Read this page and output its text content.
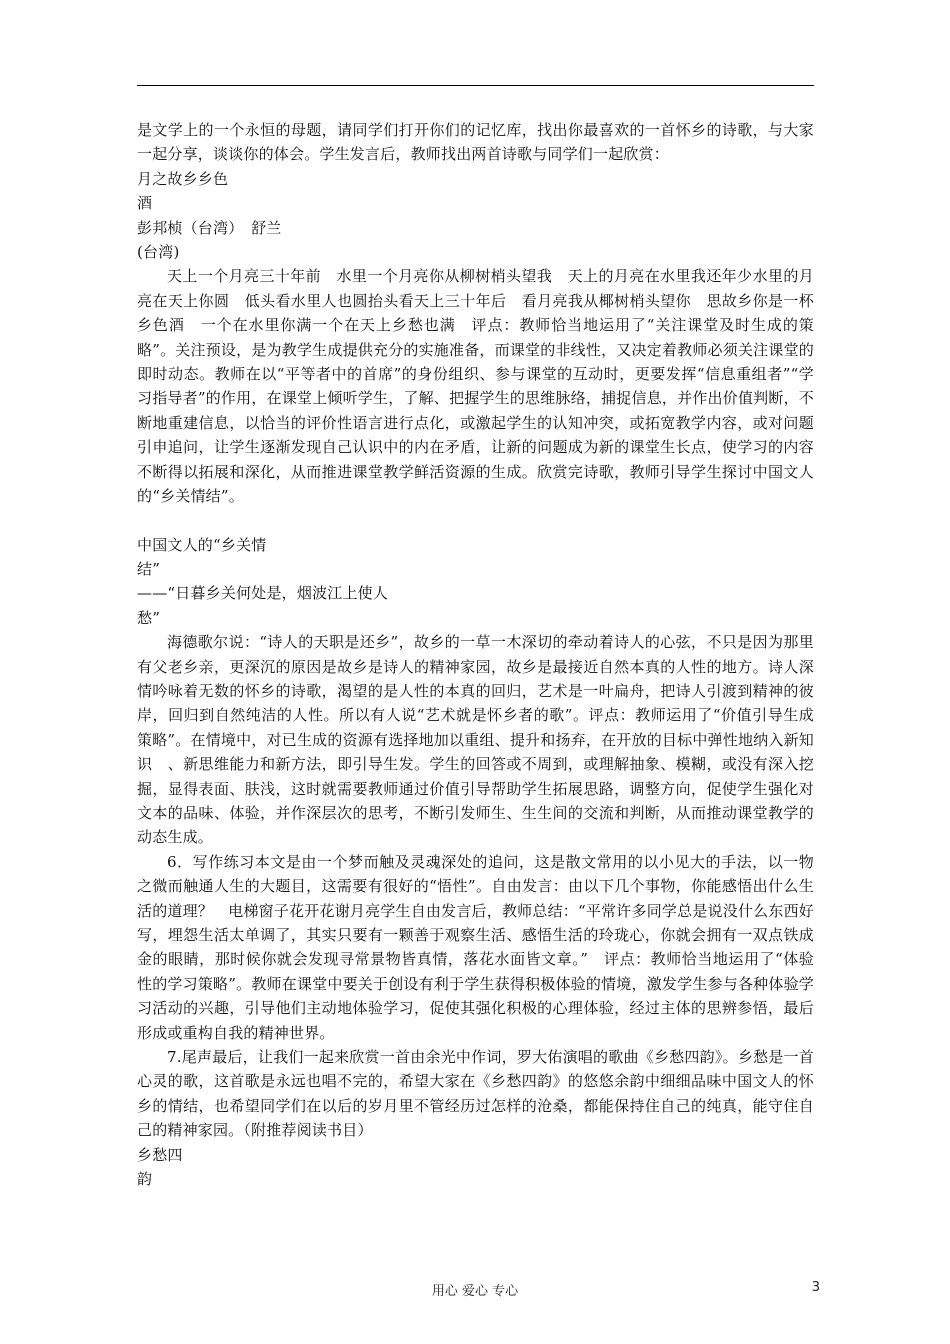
是文学上的一个永恒的母题，请同学们打开你们的记忆库，找出你最喜欢的一首怀乡的诗歌，与大家一起分享，谈谈你的体会。学生发言后，教师找出两首诗歌与同学们一起欣赏：

月之故乡乡色
酒
彭邦桢（台湾）　舒兰
(台湾)

天上一个月亮三十年前　水里一个月亮你从柳树梢头望我　天上的月亮在水里我还年少水里的月亮在天上你圆　低头看水里人也圆抬头看天上三十年后　看月亮我从椰树梢头望你　思故乡你是一杯乡色酒　一个在水里你满一个在天上乡愁也满　评点：教师恰当地运用了“关注课堂及时生成的策略”。关注预设，是为教学生成提供充分的实施准备，而课堂的非线性，又决定着教师必须关注课堂的即时动态。教师在以“平等者中的首席”的身份组织、参与课堂的互动时，更要发挥“信息重组者”“学习指导者”的作用，在课堂上倾听学生，了解、把握学生的思维脉络，捕捉信息，并作出价值判断，不断地重建信息，以恰当的评价性语言进行点化，或激起学生的认知冲突，或拓宽教学内容，或对问题引申追问，让学生逐渐发现自己认识中的内在矛盾，让新的问题成为新的课堂生长点，使学习的内容不断得以拓展和深化，从而推进课堂教学鲜活资源的生成。欣赏完诗歌，教师引导学生探讨中国文人的“乡关情结”。

中国文人的“乡关情
结”
——“日暮乡关何处是，烟波江上使人
愁”

海德歌尔说：“诗人的天职是还乡”，故乡的一草一木深切的牵动着诗人的心弦，不只是因为那里有父老乡亲，更深沉的原因是故乡是诗人的精神家园，故乡是最接近自然本真的人性的地方。诗人深情吟咏着无数的怀乡的诗歌，渴望的是人性的本真的回归，艺术是一叶扁舟，把诗人引渡到精神的彼岸，回归到自然纯洁的人性。所以有人说“艺术就是怀乡者的歌”。评点：教师运用了“价值引导生成策略”。在情境中，对已生成的资源有选择地加以重组、提升和扬弃，在开放的目标中弹性地纳入新知识　、新思维能力和新方法，即引导生发。学生的回答或不周到，或理解抽象、模糊，或没有深入挖掘，显得表面、肤浅，这时就需要教师通过价值引导帮助学生拓展思路，调整方向，促使学生强化对文本的品味、体验，并作深层次的思考，不断引发师生、生生间的交流和判断，从而推动课堂教学的动态生成。

6．写作练习本文是由一个梦而触及灵魂深处的追问，这是散文常用的以小见大的手法，以一物之微而触通人生的大题目，这需要有很好的“悟性”。自由发言：由以下几个事物，你能感悟出什么生活的道理？　电梯窗子花开花谢月亮学生自由发言后，教师总结：“平常许多同学总是说没什么东西好写，埋怨生活太单调了，其实只要有一颗善于观察生活、感悟生活的玲珑心，你就会拥有一双点铁成金的眼睛，那时候你就会发现寻常景物皆真情，落花水面皆文章。”　评点：教师恰当地运用了“体验性的学习策略”。教师在课堂中要关于创设有利于学生获得积极体验的情境，激发学生参与各种体验学习活动的兴趣，引导他们主动地体验学习，促使其强化积极的心理体验，经过主体的思辨参悟，最后形成或重构自我的精神世界。

7.尾声最后，让我们一起来欣赏一首由余光中作词，罗大佑演唱的歌曲《乡愁四韵》。乡愁是一首心灵的歌，这首歌是永远也唱不完的，希望大家在《乡愁四韵》的悠悠余韵中细细品味中国文人的怀乡的情结，也希望同学们在以后的岁月里不管经历过怎样的沧桑，都能保持住自己的纯真，能守住自己的精神家园。（附推荐阅读书目）

乡愁四
韵
用心 爱心 专心	3
